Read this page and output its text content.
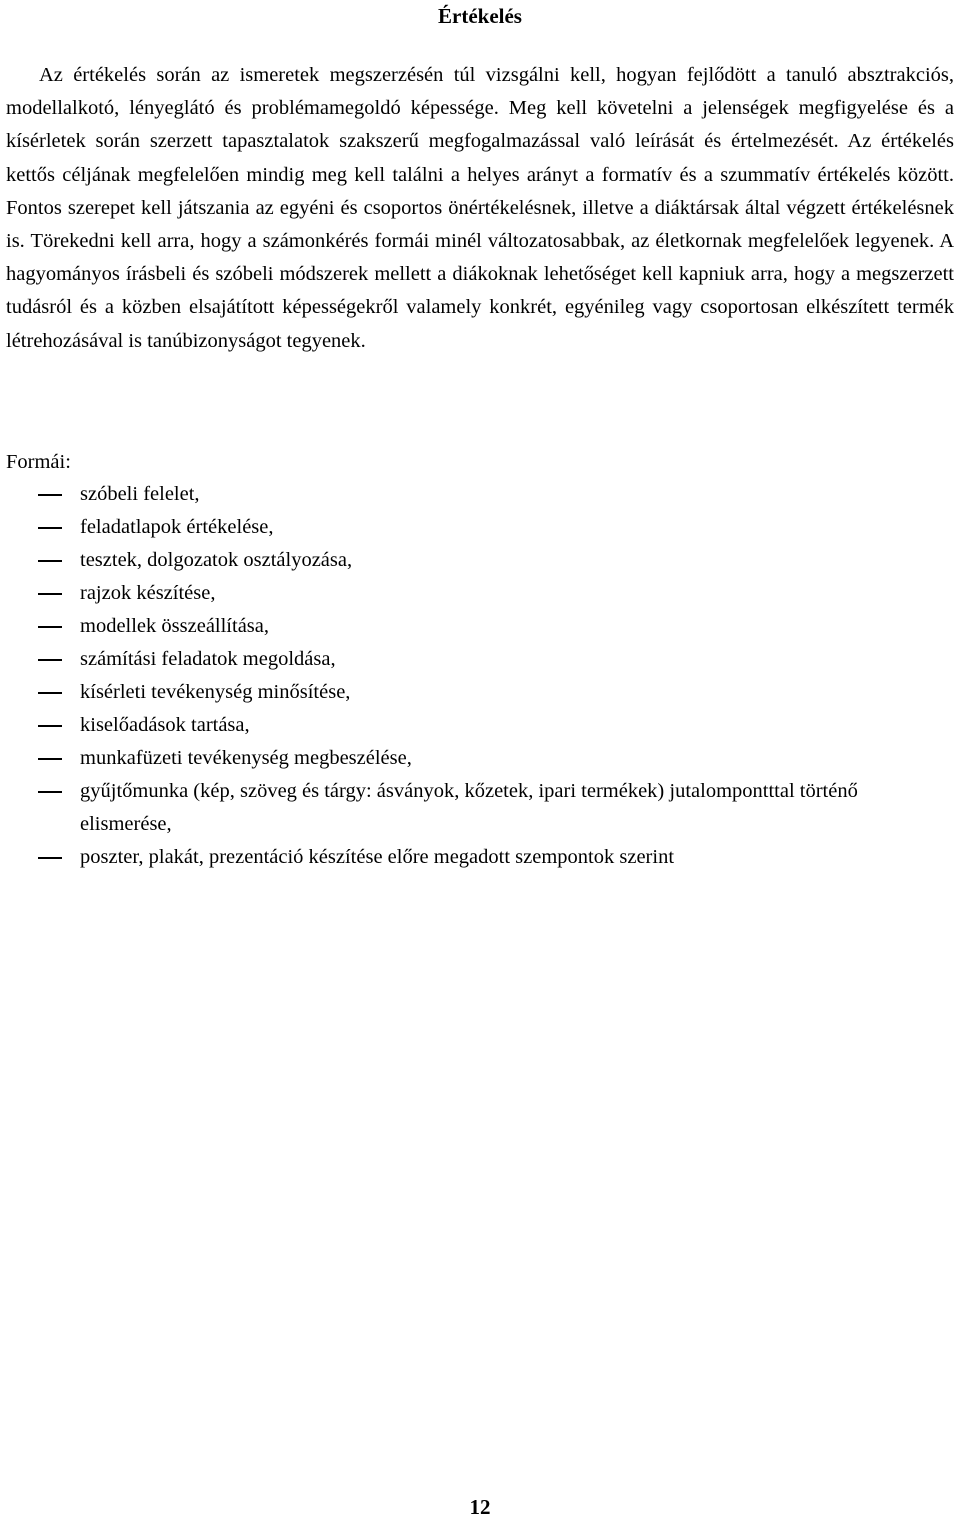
Értékelés

Az értékelés során az ismeretek megszerzésén túl vizsgálni kell, hogyan fejlődött a tanuló absztrakciós, modellalkotó, lényeglátó és problémamegoldó képessége. Meg kell követelni a jelenségek megfigyelése és a kísérletek során szerzett tapasztalatok szakszerű megfogalmazással való leírását és értelmezését. Az értékelés kettős céljának megfelelően mindig meg kell találni a helyes arányt a formatív és a szummatív értékelés között. Fontos szerepet kell játszania az egyéni és csoportos önértékelésnek, illetve a diáktársak által végzett értékelésnek is. Törekedni kell arra, hogy a számonkérés formái minél változatosabbak, az életkornak megfelelőek legyenek. A hagyományos írásbeli és szóbeli módszerek mellett a diákoknak lehetőséget kell kapniuk arra, hogy a megszerzett tudásról és a közben elsajátított képességekről valamely konkrét, egyénileg vagy csoportosan elkészített termék létrehozásával is tanúbizonyságot tegyenek.

Formái:
szóbeli felelet,
feladatlapok értékelése,
tesztek, dolgozatok osztályozása,
rajzok készítése,
modellek összeállítása,
számítási feladatok megoldása,
kísérleti tevékenység minősítése,
kiselőadások tartása,
munkafüzeti tevékenység megbeszélése,
gyűjtőmunka (kép, szöveg és tárgy: ásványok, kőzetek, ipari termékek) jutalompontttal történő elismerése,
poszter, plakát, prezentáció készítése előre megadott szempontok szerint
12
